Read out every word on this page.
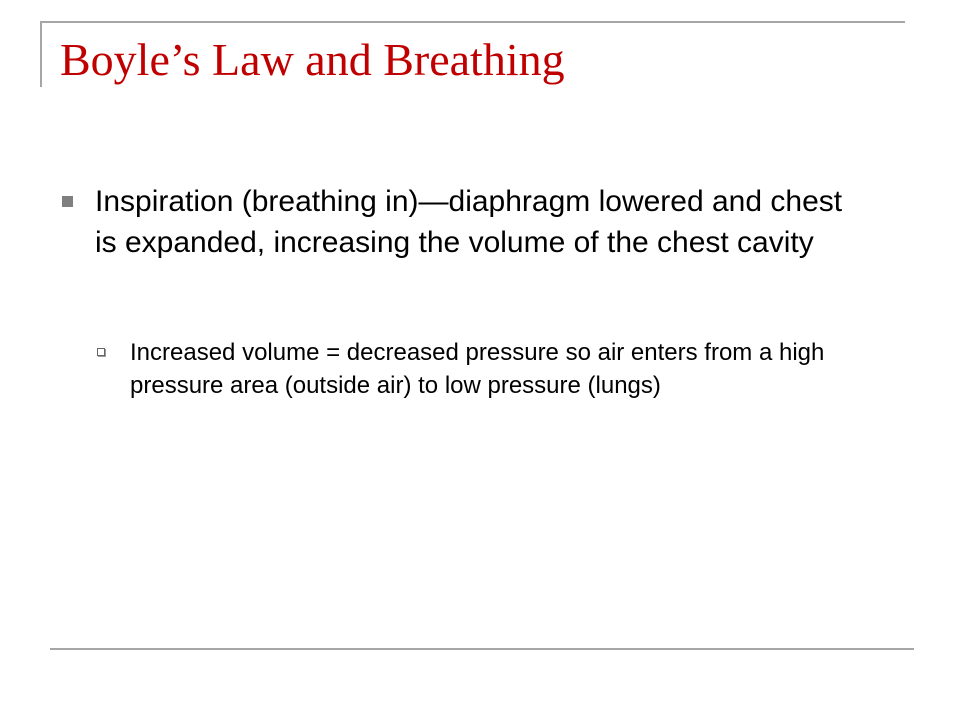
Boyle’s Law and Breathing
Inspiration (breathing in)—diaphragm lowered and chest is expanded, increasing the volume of the chest cavity
Increased volume = decreased pressure so air enters from a high pressure area (outside air) to low pressure (lungs)
